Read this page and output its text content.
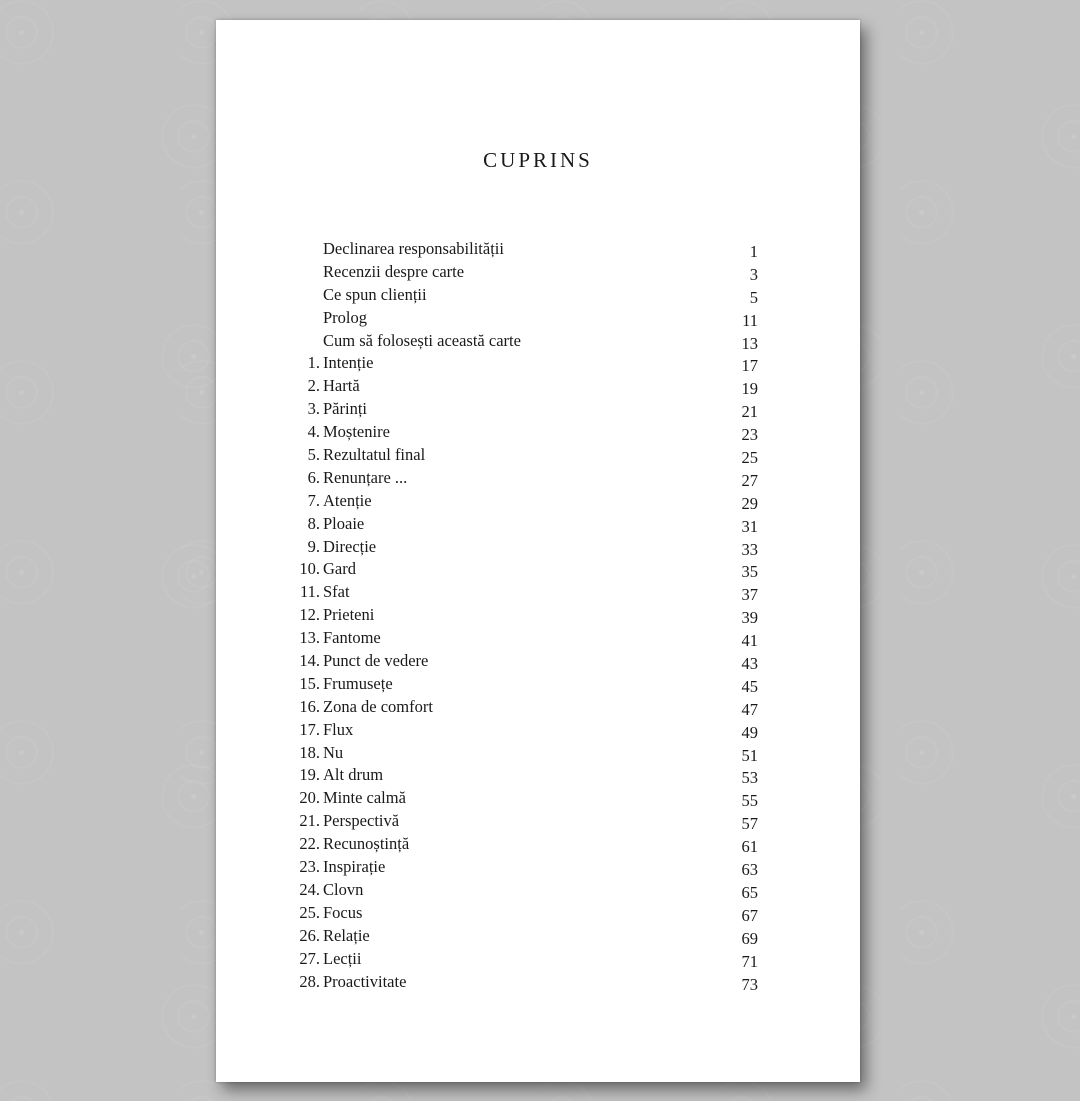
CUPRINS
Declinarea responsabilității	1
Recenzii despre carte	3
Ce spun clienții	5
Prolog	11
Cum să folosești această carte	13
1. Intenție	17
2. Hartă	19
3. Părinți	21
4. Moștenire	23
5. Rezultatul final	25
6. Renunțare ...	27
7. Atenție	29
8. Ploaie	31
9. Direcție	33
10. Gard	35
11. Sfat	37
12. Prieteni	39
13. Fantome	41
14. Punct de vedere	43
15. Frumusețe	45
16. Zona de comfort	47
17. Flux	49
18. Nu	51
19. Alt drum	53
20. Minte calmă	55
21. Perspectivă	57
22. Recunoștință	61
23. Inspirație	63
24. Clovn	65
25. Focus	67
26. Relație	69
27. Lecții	71
28. Proactivitate	73
